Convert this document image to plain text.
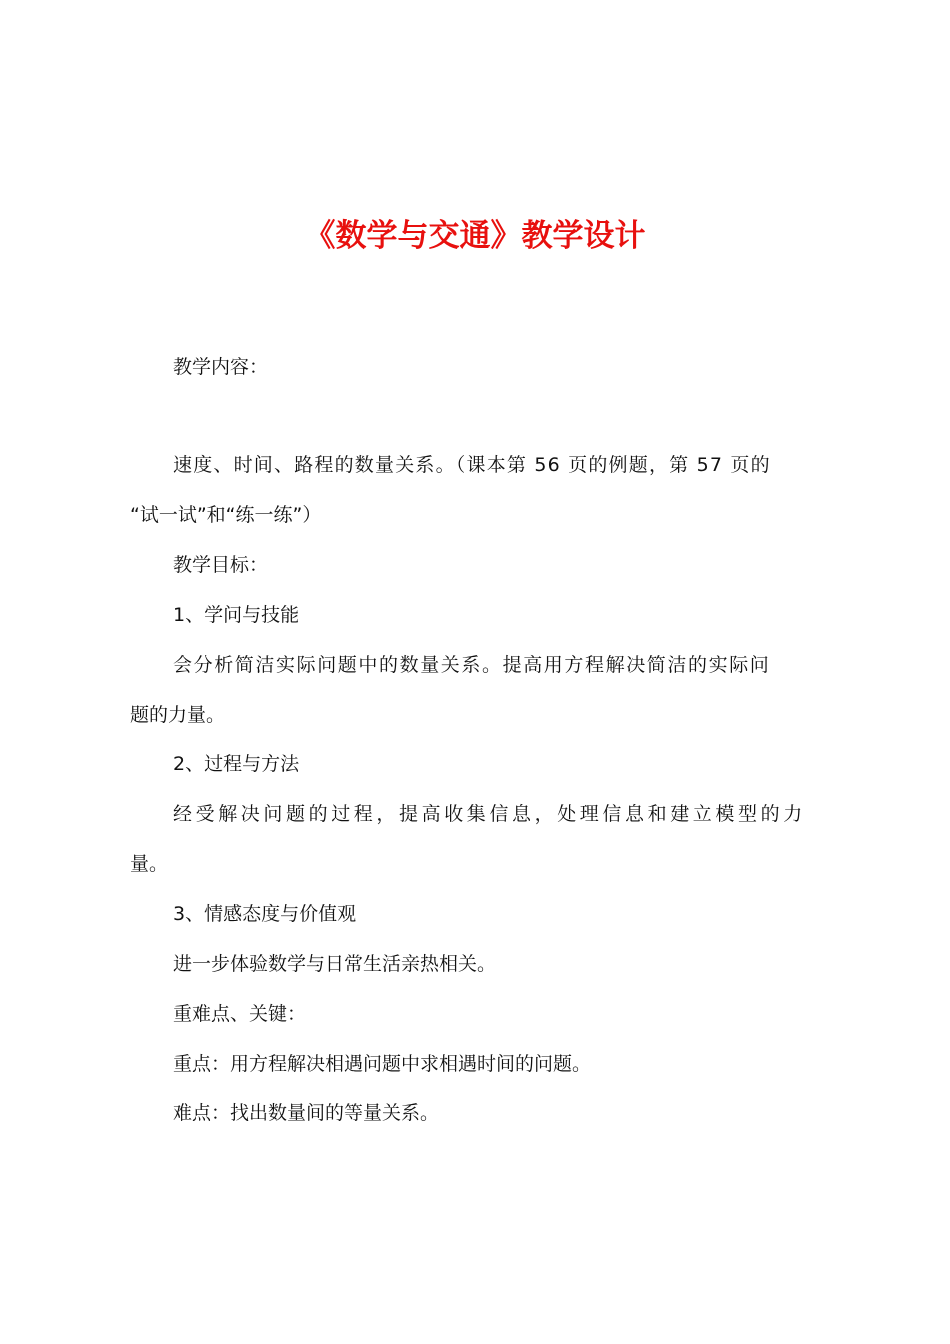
《数学与交通》教学设计
教学内容：
速度、时间、路程的数量关系。（课本第 56 页的例题，第 57 页的
“试一试”和“练一练”）
教学目标：
1、学问与技能
会分析简洁实际问题中的数量关系。提高用方程解决简洁的实际问
题的力量。
2、过程与方法
经受解决问题的过程，提高收集信息，处理信息和建立模型的力
量。
3、情感态度与价值观
进一步体验数学与日常生活亲热相关。
重难点、关键：
重点：用方程解决相遇问题中求相遇时间的问题。
难点：找出数量间的等量关系。
